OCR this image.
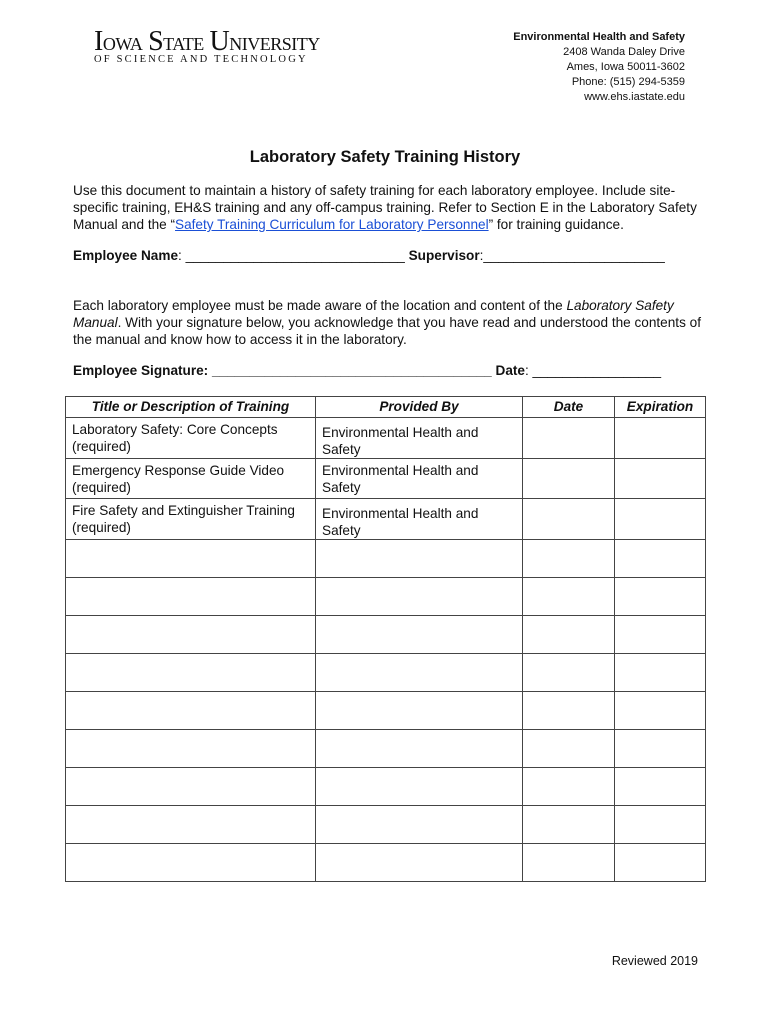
Iowa State University
OF SCIENCE AND TECHNOLOGY
Environmental Health and Safety
2408 Wanda Daley Drive
Ames, Iowa 50011-3602
Phone: (515) 294-5359
www.ehs.iastate.edu
Laboratory Safety Training History
Use this document to maintain a history of safety training for each laboratory employee. Include site-specific training, EH&S training and any off-campus training. Refer to Section E in the Laboratory Safety Manual and the “Safety Training Curriculum for Laboratory Personnel” for training guidance.
Employee Name: _____________________________ Supervisor:________________________
Each laboratory employee must be made aware of the location and content of the Laboratory Safety Manual. With your signature below, you acknowledge that you have read and understood the contents of the manual and know how to access it in the laboratory.
Employee Signature: _____________________________________ Date: _________________
Title or Description of Training	Provided By	Date	Expiration

Laboratory Safety: Core Concepts (required)	Environmental Health and Safety		

Emergency Response Guide Video (required)	Environmental Health and Safety		

Fire Safety and Extinguisher Training (required)	Environmental Health and Safety		

Reviewed 2019
